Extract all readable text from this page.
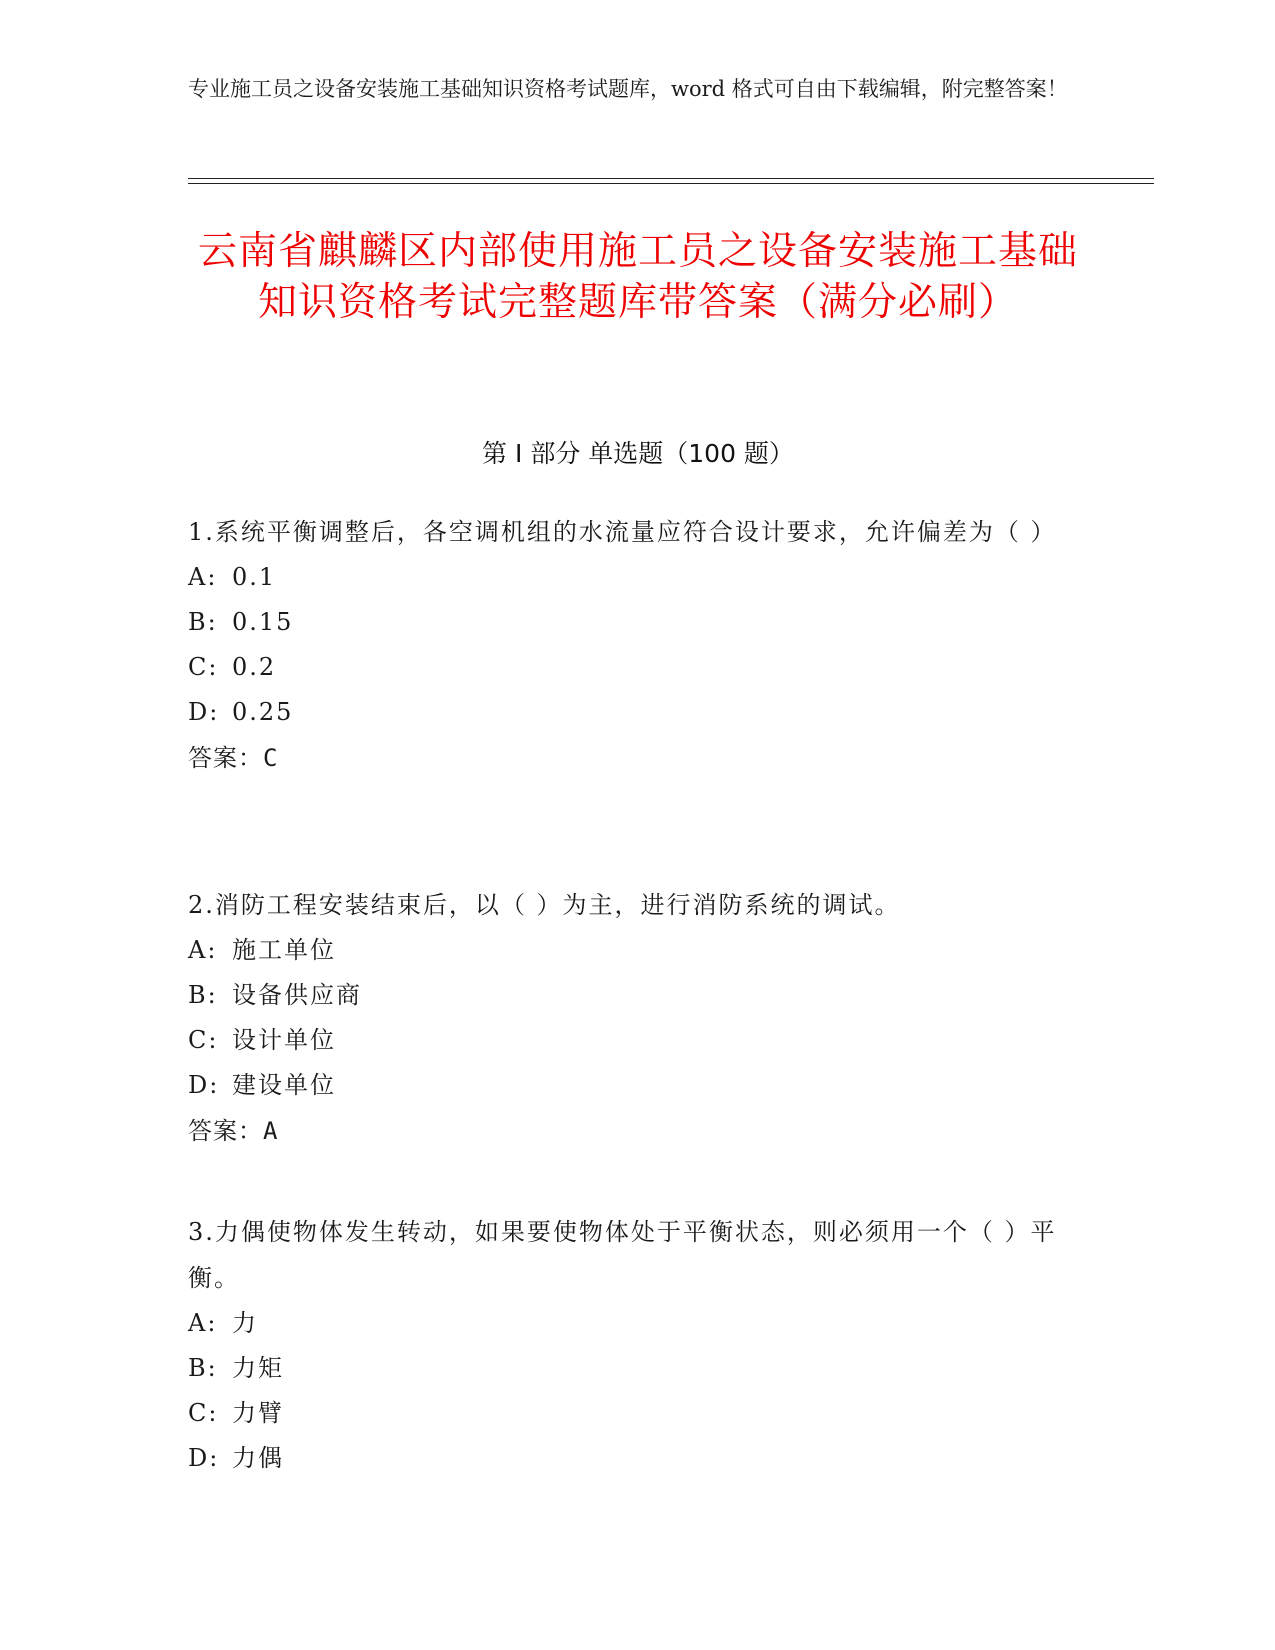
专业施工员之设备安装施工基础知识资格考试题库，word 格式可自由下载编辑，附完整答案！
云南省麒麟区内部使用施工员之设备安装施工基础知识资格考试完整题库带答案（满分必刷）
第 I 部分 单选题（100 题）
1.系统平衡调整后，各空调机组的水流量应符合设计要求，允许偏差为（ ）
A: 0.1
B: 0.15
C: 0.2
D: 0.25
答案：C
2.消防工程安装结束后，以（ ）为主，进行消防系统的调试。
A: 施工单位
B: 设备供应商
C: 设计单位
D: 建设单位
答案：A
3.力偶使物体发生转动，如果要使物体处于平衡状态，则必须用一个（ ）平衡。
A: 力
B: 力矩
C: 力臂
D: 力偶
